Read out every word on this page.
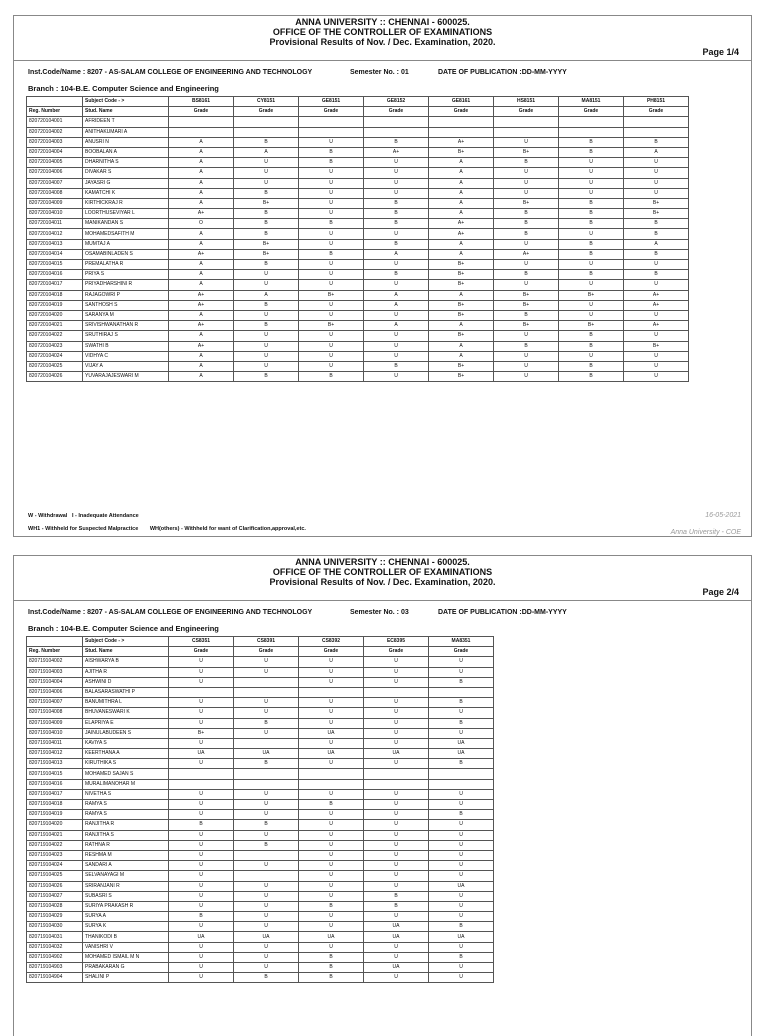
ANNA UNIVERSITY :: CHENNAI - 600025.
OFFICE OF THE CONTROLLER OF EXAMINATIONS
Provisional Results of Nov. / Dec. Examination, 2020.
Page 1/4
Inst.Code/Name : 8207 - AS-SALAM COLLEGE OF ENGINEERING AND TECHNOLOGY	Semester No. : 01	DATE OF PUBLICATION :DD-MM-YYYY
Branch : 104-B.E. Computer Science and Engineering
	Subject Code - >	BS8161	CY8151	GE8151	GE8152	GE8161	HS8151	MA8151	PH8151
Reg. Number	Stud. Name	Grade	Grade	Grade	Grade	Grade	Grade	Grade	Grade
820720104001	AFRIDEEN T								
820720104002	ANITHAKUMARI A								
820720104003	ANUSRI N	A	B	U	B	A+	U	B	B
820720104004	BOOBALAN A	A	A	B	A+	B+	B+	B	A
820720104005	DHARNITHA S	A	U	B	U	A	B	U	U
820720104006	DIVAKAR S	A	U	U	U	A	U	U	U
820720104007	JAYASRI G	A	U	U	U	A	U	U	U
820720104008	KAMATCHI K	A	B	U	U	A	U	U	U
820720104009	KIRTHICKRAJ R	A	B+	U	B	A	B+	B	B+
820720104010	LOORTHUSEVIYAR L	A+	B	U	B	A	B	B	B+
820720104011	MANIKANDAN S	O	B	B	B	A+	B	B	B
820720104012	MOHAMEDSAFITH M	A	B	U	U	A+	B	U	B
820720104013	MUMTAJ A	A	B+	U	B	A	U	B	A
820720104014	OSAMABINLADEN S	A+	B+	B	A	A	A+	B	B
820720104015	PREMALATHA R	A	B	U	U	B+	U	U	U
820720104016	PRIYA S	A	U	U	B	B+	B	B	B
820720104017	PRIYADHARSHINI R	A	U	U	U	B+	U	U	U
820720104018	RAJAGOWRI P	A+	A	B+	A	A	B+	B+	A+
820720104019	SANTHOSH S	A+	B	U	A	B+	B+	U	A+
820720104020	SARANYA M	A	U	U	U	B+	B	U	U
820720104021	SRIVISHWANATHAN R	A+	B	B+	A	A	B+	B+	A+
820720104022	SRUTHIRAJ S	A	U	U	U	B+	U	B	U
820720104023	SWATHI B	A+	U	U	U	A	B	B	B+
820720104024	VIDHYA C	A	U	U	U	A	U	U	U
820720104025	VIJAY A	A	U	U	B	B+	U	B	U
820720104026	YUVARAJAJESWARI M	A	B	B	U	B+	U	B	U
W - Withdrawal I - Inadequate Attendance
WH1 - Withheld for Suspected Malpractice WH(others) - Withheld for want of Clarification,approval,etc.
16-05-2021
Anna University - COE
ANNA UNIVERSITY :: CHENNAI - 600025.
OFFICE OF THE CONTROLLER OF EXAMINATIONS
Provisional Results of Nov. / Dec. Examination, 2020.
Page 2/4
Inst.Code/Name : 8207 - AS-SALAM COLLEGE OF ENGINEERING AND TECHNOLOGY	Semester No. : 03	DATE OF PUBLICATION :DD-MM-YYYY
Branch : 104-B.E. Computer Science and Engineering
	Subject Code - >	CS8351	CS8391	CS8392	EC8395	MA8351
Reg. Number	Stud. Name	Grade	Grade	Grade	Grade	Grade
820719104002	AISHWARYA B	U	U	U	U	U
820719104003	AJITHA R	U	U	U	U	U
820719104004	ASHWINI D	U		U	U	B
820719104006	BALASARASWATHI P					
820719104007	BANUMITHRA L	U	U	U	U	B
820719104008	BHUVANESWARI K	U	U	U	U	U
820719104009	ELAPRIYA E	U	B	U	U	B
820719104010	JAINULABUDEEN S	B+	U	UA	U	U
820719104011	KAVIYA S	U		U	U	UA
820719104012	KEERTHANA A	UA	UA	UA	UA	UA
820719104013	KIRUTHIKA S	U	B	U	U	B
820719104015	MOHAMED SAJAN S					
820719104016	MURALIMANOHAR M					
820719104017	NIVETHA S	U	U	U	U	U
820719104018	RAMYA S	U	U	B	U	U
820719104019	RAMYA S	U	U	U	U	B
820719104020	RANJITHA R	B	B	U	U	U
820719104021	RANJITHA S	U	U	U	U	U
820719104022	RATHNA R	U	B	U	U	U
820719104023	RESHMA M	U		U	U	U
820719104024	SANDARI A	U	U	U	U	U
820719104025	SELVANAYAGI M	U		U	U	U
820719104026	SRIRANJANI R	U	U	U	U	UA
820719104027	SUBASRI S	U	U	U	B	U
820719104028	SURIYA PRAKASH R	U	U	B	B	U
820719104029	SURYA A	B	U	U	U	U
820719104030	SURYA K	U	U	U	UA	B
820719104031	THANIKODI B	UA	UA	UA	UA	UA
820719104032	VANISHRI V	U	U	U	U	U
820719104902	MOHAMED ISMAIL M N	U	U	B	U	B
820719104903	PRABAKARAN G	U	U	B	UA	U
820719104904	SHALINI P	U	B	B	U	U
